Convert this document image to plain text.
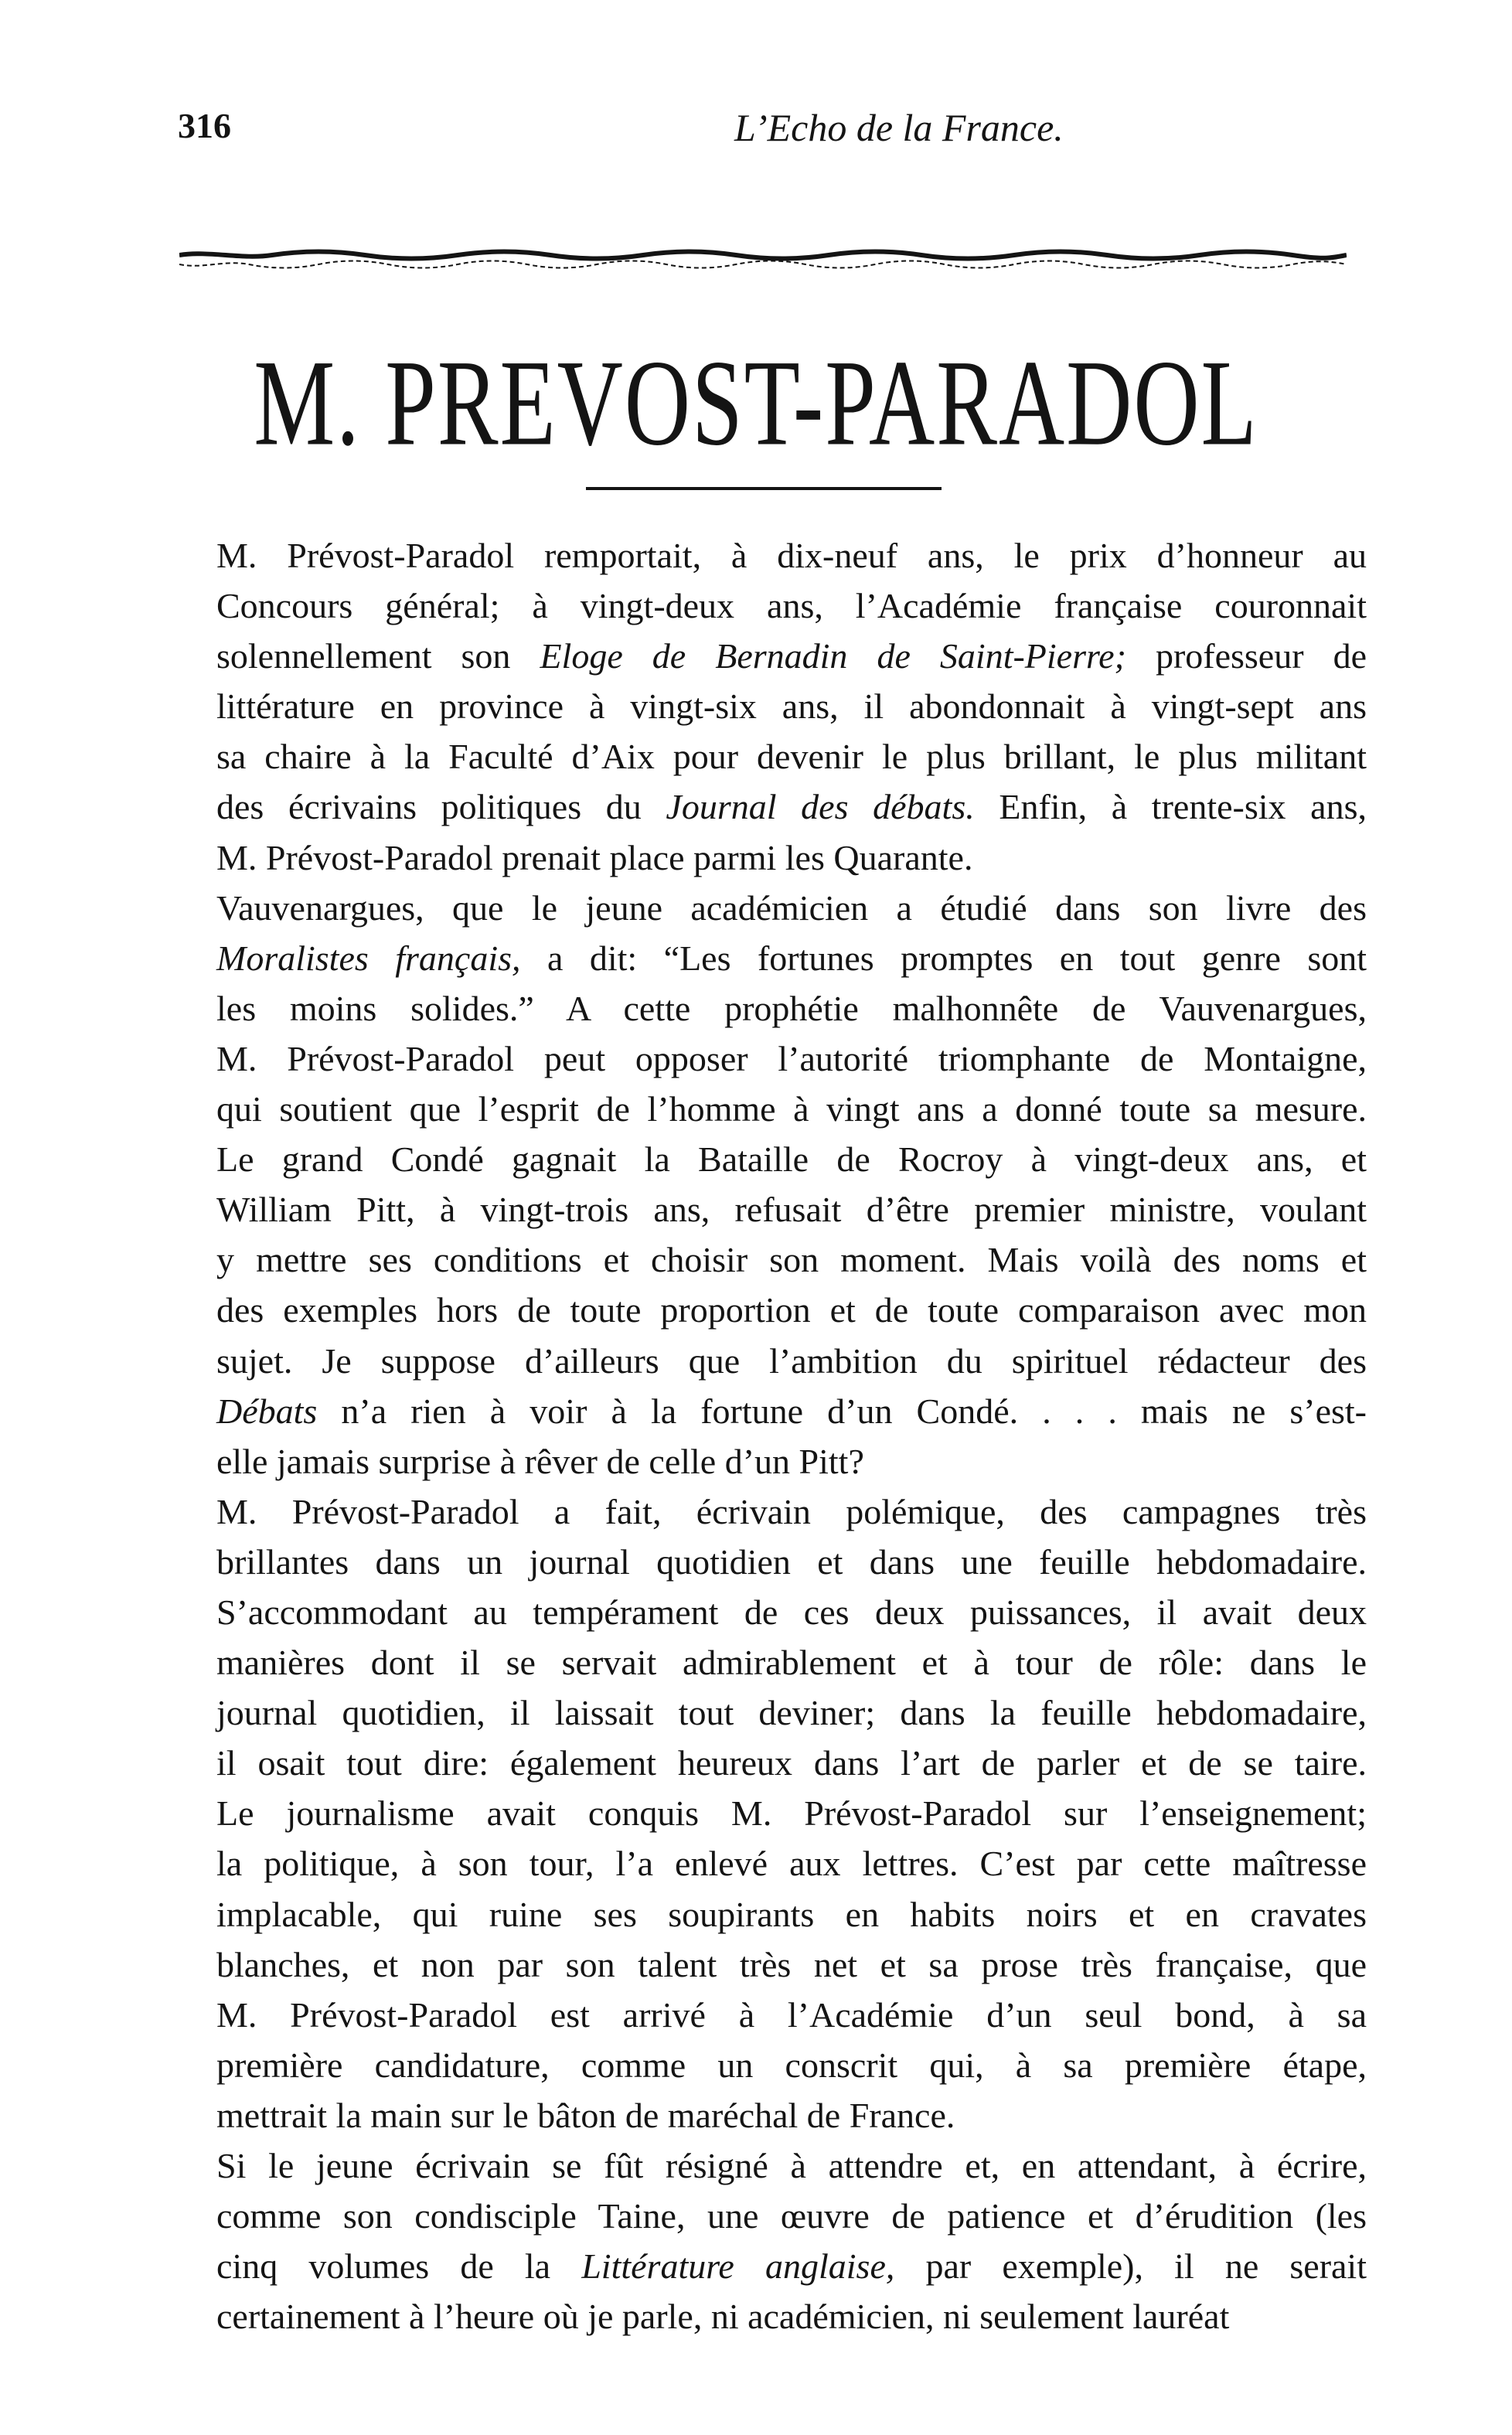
316	L’Echo de la France.
M. PREVOST-PARADOL

M. Prévost-Paradol remportait, à dix-neuf ans, le prix d’honneur au
Concours général; à vingt-deux ans, l’Académie française couronnait
solennellement son Eloge de Bernadin de Saint-Pierre; professeur de
littérature en province à vingt-six ans, il abondonnait à vingt-sept ans
sa chaire à la Faculté d’Aix pour devenir le plus brillant, le plus militant
des écrivains politiques du Journal des débats. Enfin, à trente-six ans,
M. Prévost-Paradol prenait place parmi les Quarante.

Vauvenargues, que le jeune académicien a étudié dans son livre des
Moralistes français, a dit: “Les fortunes promptes en tout genre sont
les moins solides.” A cette prophétie malhonnête de Vauvenargues,
M. Prévost-Paradol peut opposer l’autorité triomphante de Montaigne,
qui soutient que l’esprit de l’homme à vingt ans a donné toute sa mesure.
Le grand Condé gagnait la Bataille de Rocroy à vingt-deux ans, et
William Pitt, à vingt-trois ans, refusait d’être premier ministre, voulant
y mettre ses conditions et choisir son moment. Mais voilà des noms et
des exemples hors de toute proportion et de toute comparaison avec mon
sujet. Je suppose d’ailleurs que l’ambition du spirituel rédacteur des
Débats n’a rien à voir à la fortune d’un Condé. . . . mais ne s’est-
elle jamais surprise à rêver de celle d’un Pitt?

M. Prévost-Paradol a fait, écrivain polémique, des campagnes très
brillantes dans un journal quotidien et dans une feuille hebdomadaire.
S’accommodant au tempérament de ces deux puissances, il avait deux
manières dont il se servait admirablement et à tour de rôle: dans le
journal quotidien, il laissait tout deviner; dans la feuille hebdomadaire,
il osait tout dire: également heureux dans l’art de parler et de se taire.
Le journalisme avait conquis M. Prévost-Paradol sur l’enseignement;
la politique, à son tour, l’a enlevé aux lettres. C’est par cette maîtresse
implacable, qui ruine ses soupirants en habits noirs et en cravates
blanches, et non par son talent très net et sa prose très française, que
M. Prévost-Paradol est arrivé à l’Académie d’un seul bond, à sa
première candidature, comme un conscrit qui, à sa première étape,
mettrait la main sur le bâton de maréchal de France.

Si le jeune écrivain se fût résigné à attendre et, en attendant, à écrire,
comme son condisciple Taine, une œuvre de patience et d’érudition (les
cinq volumes de la Littérature anglaise, par exemple), il ne serait
certainement à l’heure où je parle, ni académicien, ni seulement lauréat
